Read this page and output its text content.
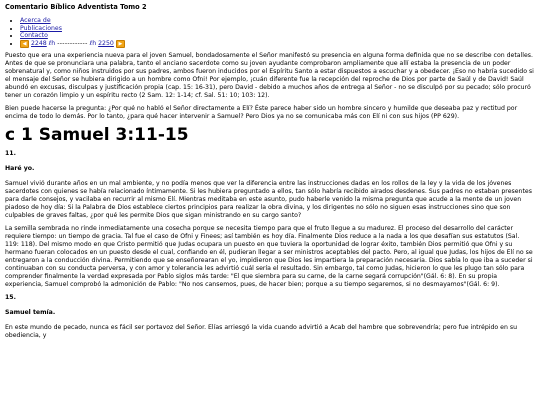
Comentario Bíblico Adventista Tomo 2
• Acerca de
• Publicaciones
• Contacto
• ◀ 2248 ℓh ------------ ℓh 2250 ▶

Puesto que era una experiencia nueva para el joven Samuel, bondadosamente el Señor manifestó su presencia en alguna forma definida que no se describe con detalles. Antes de que se pronunciara una palabra, tanto el anciano sacerdote como su joven ayudante comprobaron ampliamente que allí estaba la presencia de un poder sobrenatural y, como niños instruidos por sus padres, ambos fueron inducidos por el Espíritu Santo a estar dispuestos a escuchar y a obedecer. ¡Eso no habría sucedido si el mensaje del Señor se hubiera dirigido a un hombre como Ofni! Por ejemplo, ¡cuán diferente fue la recepción del reproche de Dios por parte de Saúl y de David! Saúl abundó en excusas, disculpas y justificación propia (cap. 15: 16-31), pero David - debido a muchos años de entrega al Señor - no se disculpó por su pecado; sólo procuró tener un corazón limpio y un espíritu recto (2 Sam. 12: 1-14; cf. Sal. 51: 10; 103: 12).

Bien puede hacerse la pregunta: ¿Por qué no habló el Señor directamente a Elí? Éste parece haber sido un hombre sincero y humilde que deseaba paz y rectitud por encima de todo lo demás. Por lo tanto, ¿para qué hacer intervenir a Samuel? Pero Dios ya no se comunicaba más con Elí ni con sus hijos (PP 629).

c 1 Samuel 3:11-15
11.
Haré yo.

Samuel vivió durante años en un mal ambiente, y no podía menos que ver la diferencia entre las instrucciones dadas en los rollos de la ley y la vida de los jóvenes sacerdotes con quienes se había relacionado íntimamente. Si les hubiera preguntado a ellos, tan sólo habría recibido airados desdenes. Sus padres no estaban presentes para darle consejos, y vacilaba en recurrir al mismo Elí. Mientras meditaba en este asunto, pudo haberle venido la misma pregunta que acude a la mente de un joven piadoso de hoy día: Si la Palabra de Dios establece ciertos principios para realizar la obra divina, y los dirigentes no sólo no siguen esas instrucciones sino que son culpables de graves faltas, ¿por qué les permite Dios que sigan ministrando en su cargo santo?

La semilla sembrada no rinde inmediatamente una cosecha porque se necesita tiempo para que el fruto llegue a su madurez. El proceso del desarrollo del carácter requiere tiempo: un tiempo de gracia. Tal fue el caso de Ofni y Finees; así también es hoy día. Finalmente Dios reduce a la nada a los que desafían sus estatutos (Sal. 119: 118). Del mismo modo en que Cristo permitió que Judas ocupara un puesto en que tuviera la oportunidad de lograr éxito, también Dios permitió que Ofni y su hermano fueran colocados en un puesto desde el cual, confiando en él, pudieran llegar a ser ministros aceptables del pacto. Pero, al igual que Judas, los hijos de Elí no se entregaron a la conducción divina. Permitiendo que se enseñorearan el yo, impidieron que Dios les impartiera la preparación necesaria. Dios sabía lo que iba a suceder si continuaban con su conducta perversa, y con amor y tolerancia les advirtió cuál sería el resultado. Sin embargo, tal como Judas, hicieron lo que les plugo tan sólo para comprender finalmente la verdad expresada por Pablo siglos más tarde: "El que siembra para su carne, de la carne segará corrupción"(Gál. 6: 8). En su propia experiencia, Samuel comprobó la admonición de Pablo: "No nos cansemos, pues, de hacer bien; porque a su tiempo segaremos, si no desmayamos"(Gál. 6: 9).

15.
Samuel temía.

En este mundo de pecado, nunca es fácil ser portavoz del Señor. Elías arriesgó la vida cuando advirtió a Acab del hambre que sobrevendría; pero fue intrépido en su obediencia, y
